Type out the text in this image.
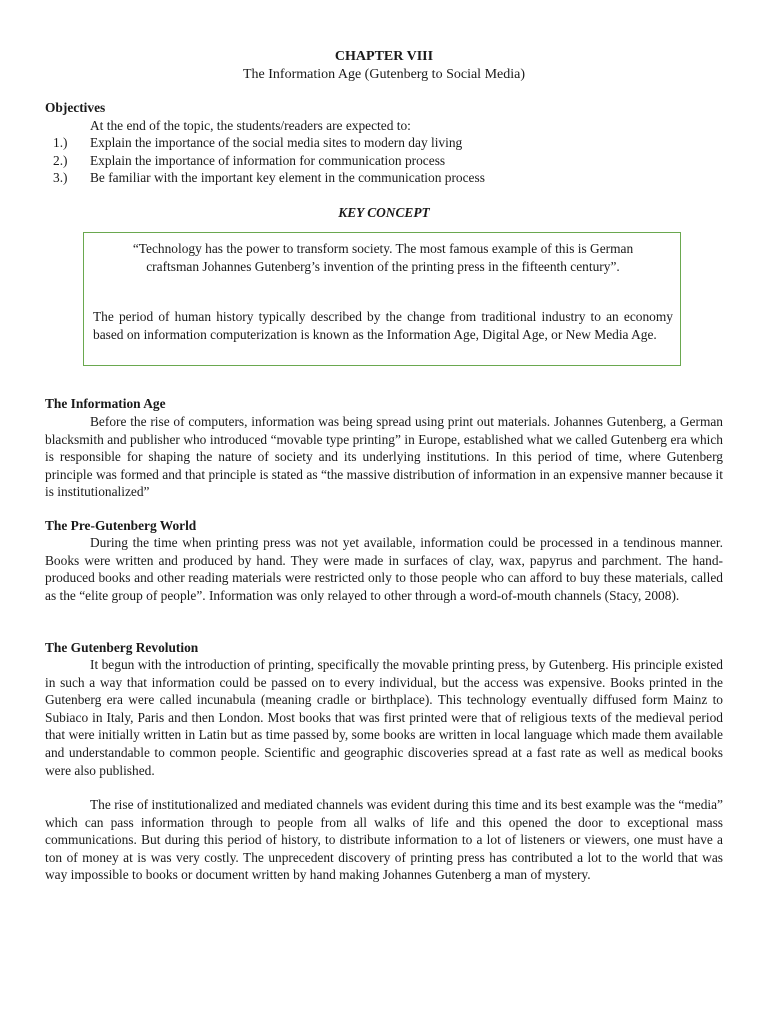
CHAPTER VIII
The Information Age (Gutenberg to Social Media)
Objectives
At the end of the topic, the students/readers are expected to:
1.)	Explain the importance of the social media sites to modern day living
2.)	Explain the importance of information for communication process
3.)	Be familiar with the important key element in the communication process
KEY CONCEPT
“Technology has the power to transform society. The most famous example of this is German craftsman Johannes Gutenberg’s invention of the printing press in the fifteenth century”.
The period of human history typically described by the change from traditional industry to an economy based on information computerization is known as the Information Age, Digital Age, or New Media Age.
The Information Age
Before the rise of computers, information was being spread using print out materials. Johannes Gutenberg, a German blacksmith and publisher who introduced “movable type printing” in Europe, established what we called Gutenberg era which is responsible for shaping the nature of society and its underlying institutions. In this period of time, where Gutenberg principle was formed and that principle is stated as “the massive distribution of information in an expensive manner because it is institutionalized”
The Pre-Gutenberg World
During the time when printing press was not yet available, information could be processed in a tendinous manner. Books were written and produced by hand. They were made in surfaces of clay, wax, papyrus and parchment. The hand-produced books and other reading materials were restricted only to those people who can afford to buy these materials, called as the “elite group of people”. Information was only relayed to other through a word-of-mouth channels (Stacy, 2008).
The Gutenberg Revolution
It begun with the introduction of printing, specifically the movable printing press, by Gutenberg. His principle existed in such a way that information could be passed on to every individual, but the access was expensive. Books printed in the Gutenberg era were called incunabula (meaning cradle or birthplace). This technology eventually diffused form Mainz to Subiaco in Italy, Paris and then London. Most books that was first printed were that of religious texts of the medieval period that were initially written in Latin but as time passed by, some books are written in local language which made them available and understandable to common people. Scientific and geographic discoveries spread at a fast rate as well as medical books were also published.
The rise of institutionalized and mediated channels was evident during this time and its best example was the “media” which can pass information through to people from all walks of life and this opened the door to exceptional mass communications. But during this period of history, to distribute information to a lot of listeners or viewers, one must have a ton of money at is was very costly. The unprecedent discovery of printing press has contributed a lot to the world that was way impossible to books or document written by hand making Johannes Gutenberg a man of mystery.
